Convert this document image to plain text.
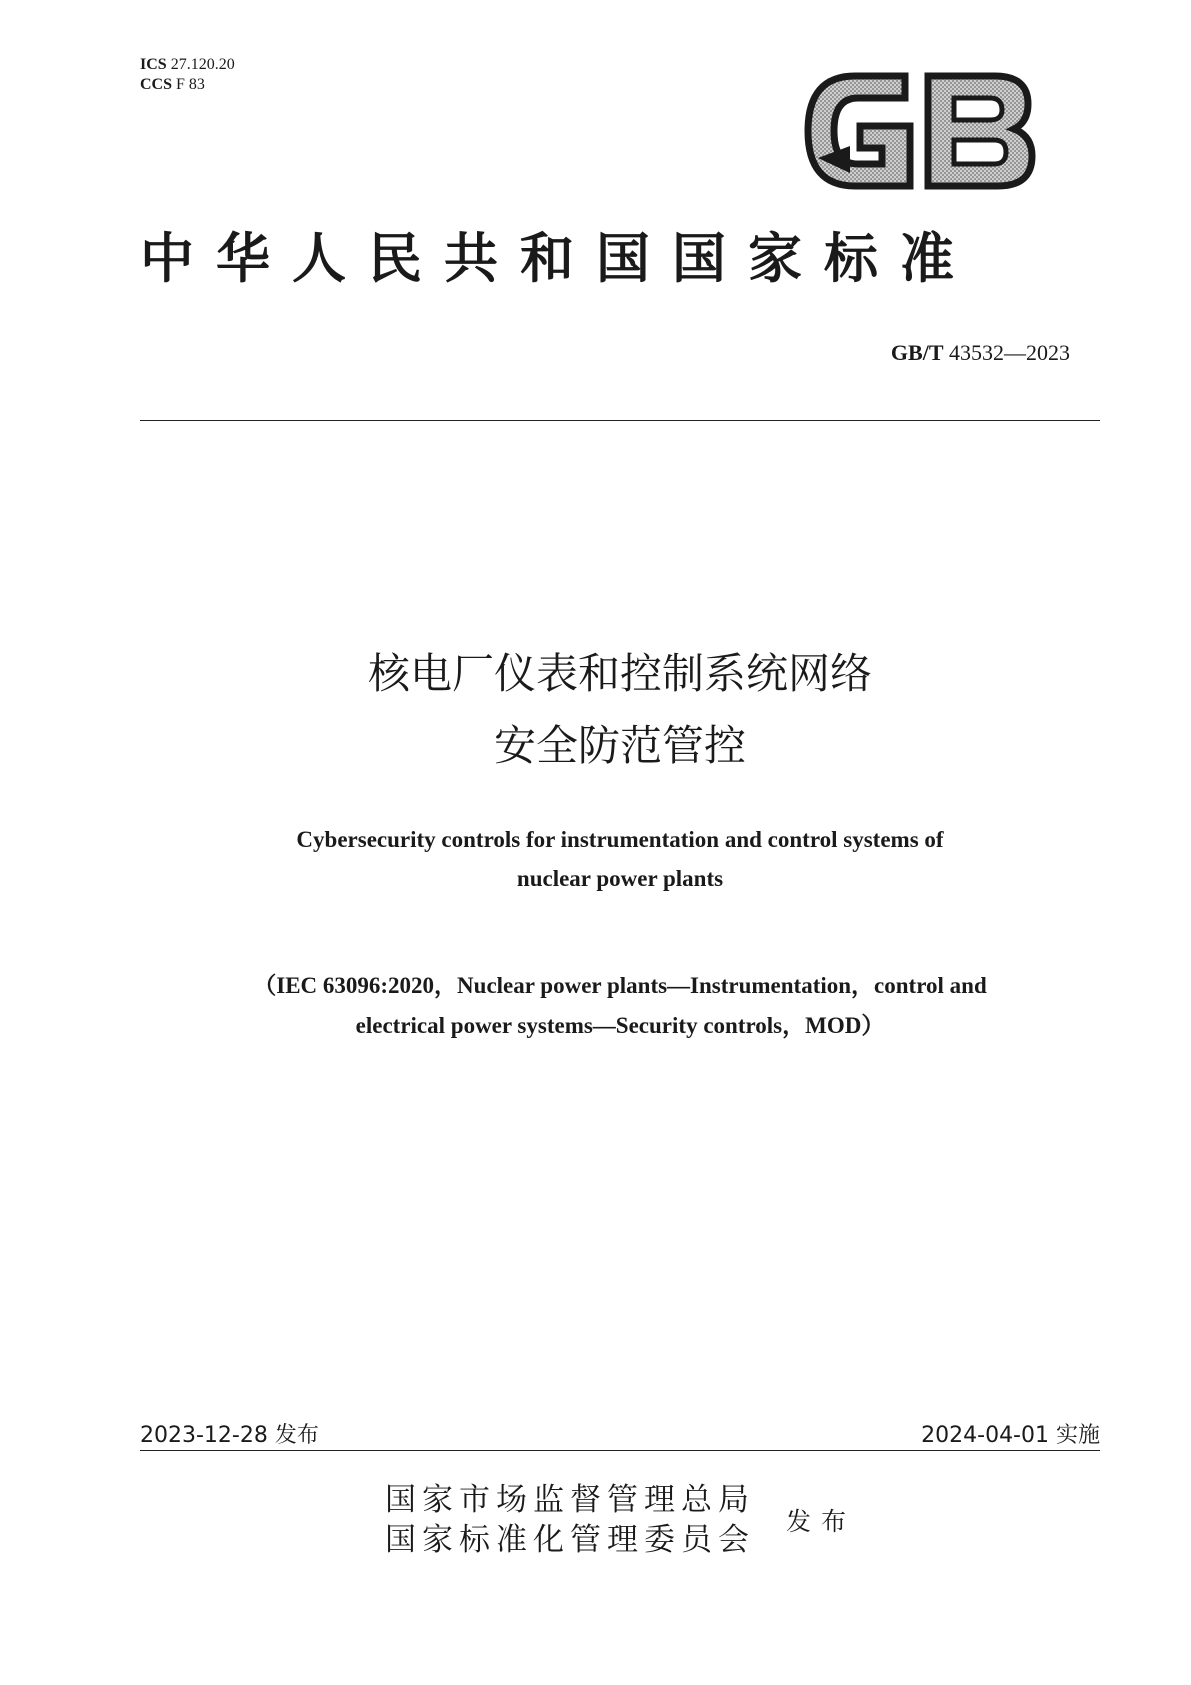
ICS 27.120.20
CCS F 83
GB
中华人民共和国国家标准
GB/T 43532—2023
核电厂仪表和控制系统网络
安全防范管控
Cybersecurity controls for instrumentation and control systems of
nuclear power plants
（IEC 63096:2020，Nuclear power plants—Instrumentation，control and
electrical power systems—Security controls，MOD）
2023-12-28 发布	2024-04-01 实施
国家市场监督管理总局
国家标准化管理委员会
发布
